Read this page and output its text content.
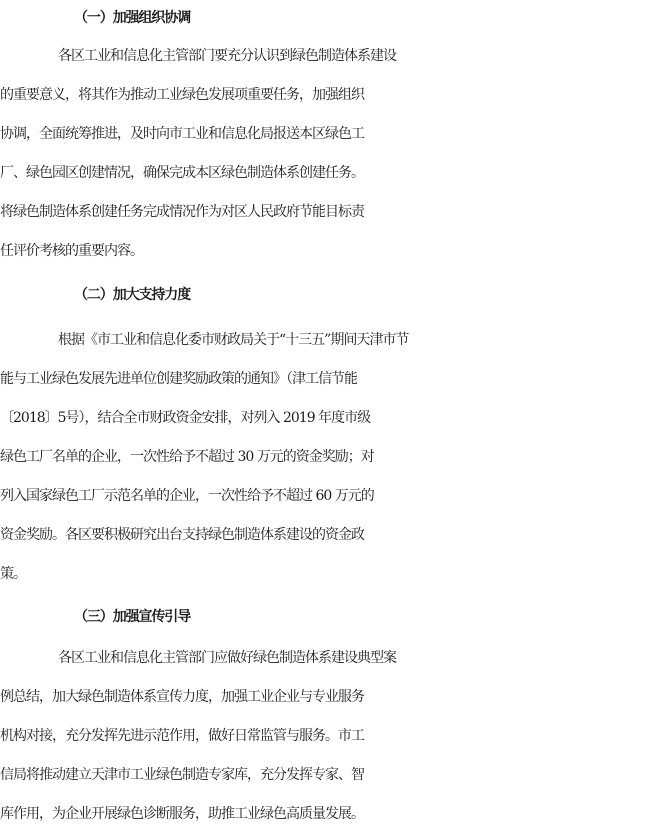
（一）加强组织协调
各区工业和信息化主管部门要充分认识到绿色制造体系建设
的重要意义，将其作为推动工业绿色发展项重要任务，加强组织
协调，全面统筹推进，及时向市工业和信息化局报送本区绿色工
厂、绿色园区创建情况，确保完成本区绿色制造体系创建任务。
将绿色制造体系创建任务完成情况作为对区人民政府节能目标责
任评价考核的重要内容。
（二）加大支持力度
根据《市工业和信息化委市财政局关于“十三五”期间天津市节
能与工业绿色发展先进单位创建奖励政策的通知》（津工信节能
〔2018〕5号），结合全市财政资金安排，对列入 2019 年度市级
绿色工厂名单的企业，一次性给予不超过 30 万元的资金奖励；对
列入国家绿色工厂示范名单的企业，一次性给予不超过 60 万元的
资金奖励。各区要积极研究出台支持绿色制造体系建设的资金政
策。
（三）加强宣传引导
各区工业和信息化主管部门应做好绿色制造体系建设典型案
例总结，加大绿色制造体系宣传力度，加强工业企业与专业服务
机构对接，充分发挥先进示范作用，做好日常监管与服务。市工
信局将推动建立天津市工业绿色制造专家库，充分发挥专家、智
库作用，为企业开展绿色诊断服务，助推工业绿色高质量发展。
